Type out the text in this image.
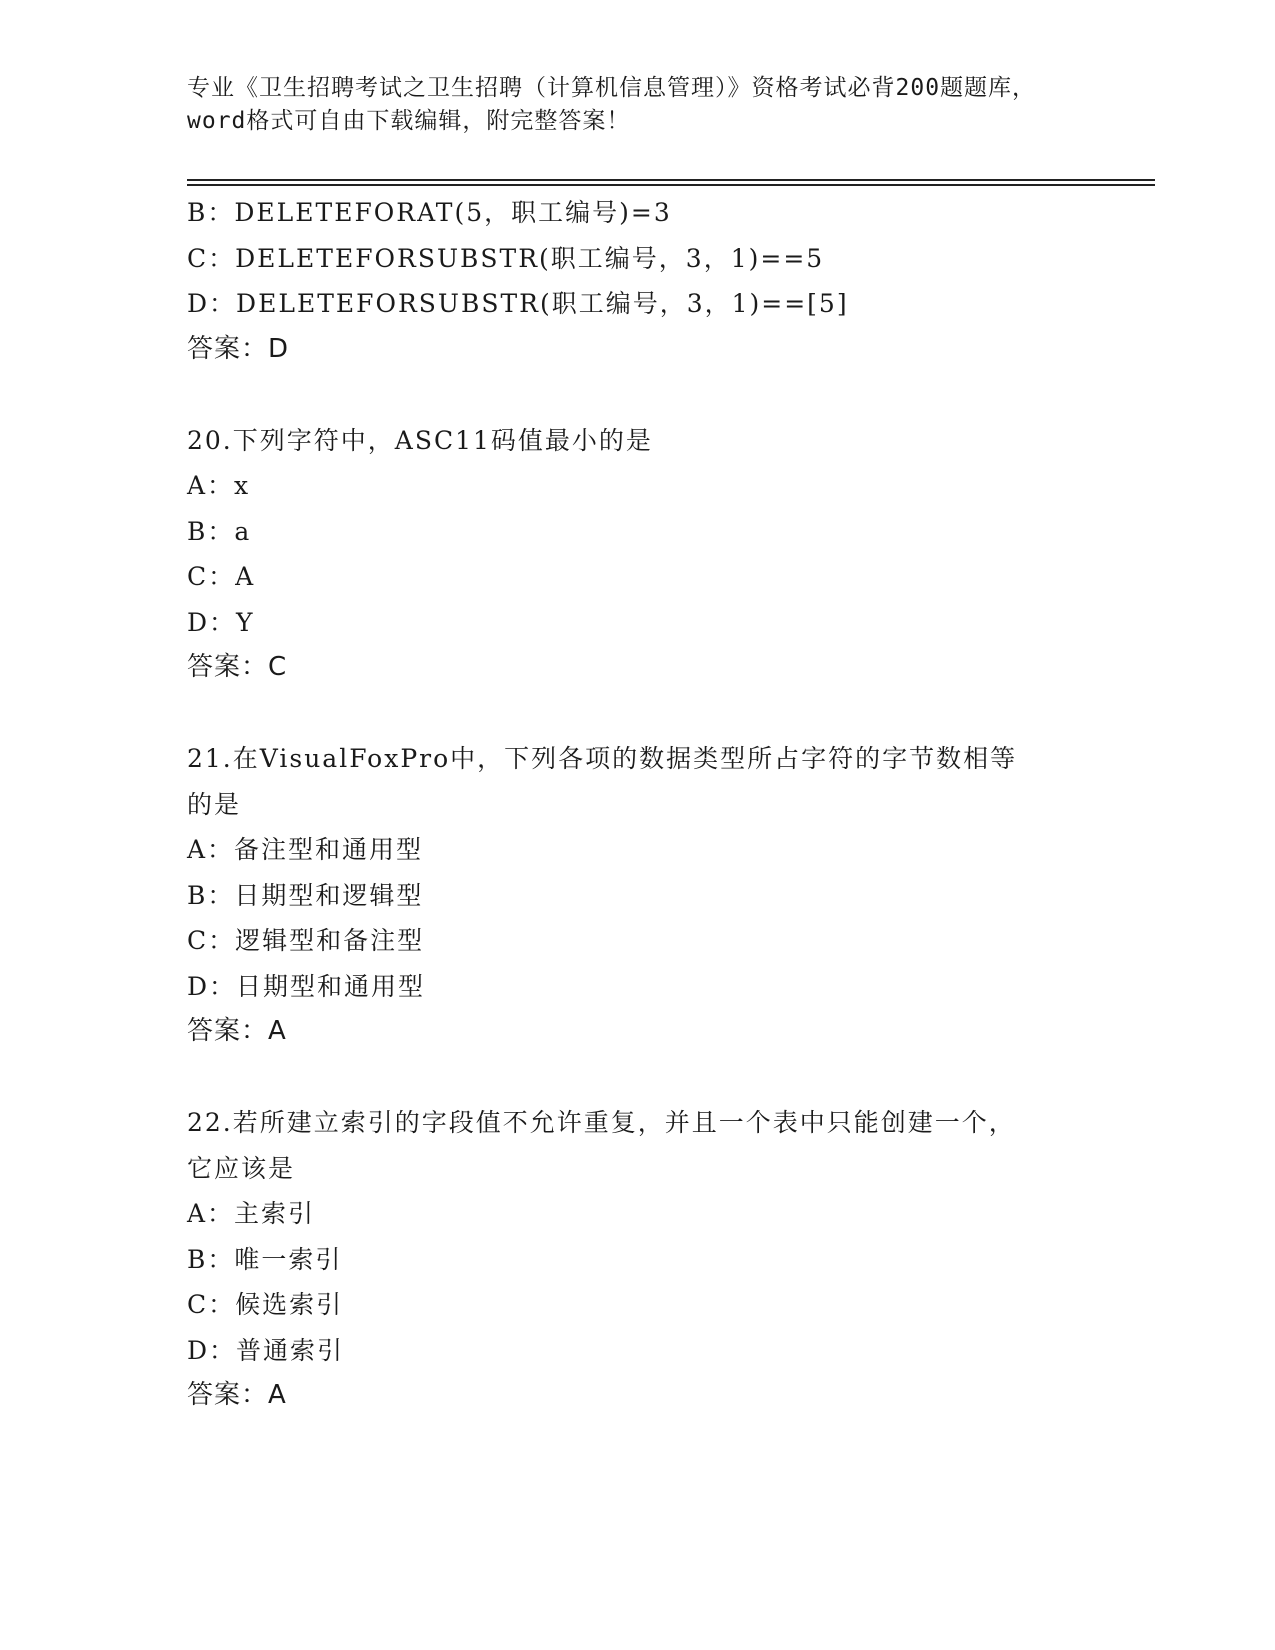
专业《卫生招聘考试之卫生招聘（计算机信息管理）》资格考试必背200题题库，
word格式可自由下载编辑，附完整答案！
B：DELETEFORAT(5，职工编号)=3
C：DELETEFORSUBSTR(职工编号，3，1)==5
D：DELETEFORSUBSTR(职工编号，3，1)==[5]
答案：D
20.下列字符中，ASC11码值最小的是
A：x
B：a
C：A
D：Y
答案：C
21.在VisualFoxPro中，下列各项的数据类型所占字符的字节数相等
的是
A：备注型和通用型
B：日期型和逻辑型
C：逻辑型和备注型
D：日期型和通用型
答案：A
22.若所建立索引的字段值不允许重复，并且一个表中只能创建一个，
它应该是
A：主索引
B：唯一索引
C：候选索引
D：普通索引
答案：A
